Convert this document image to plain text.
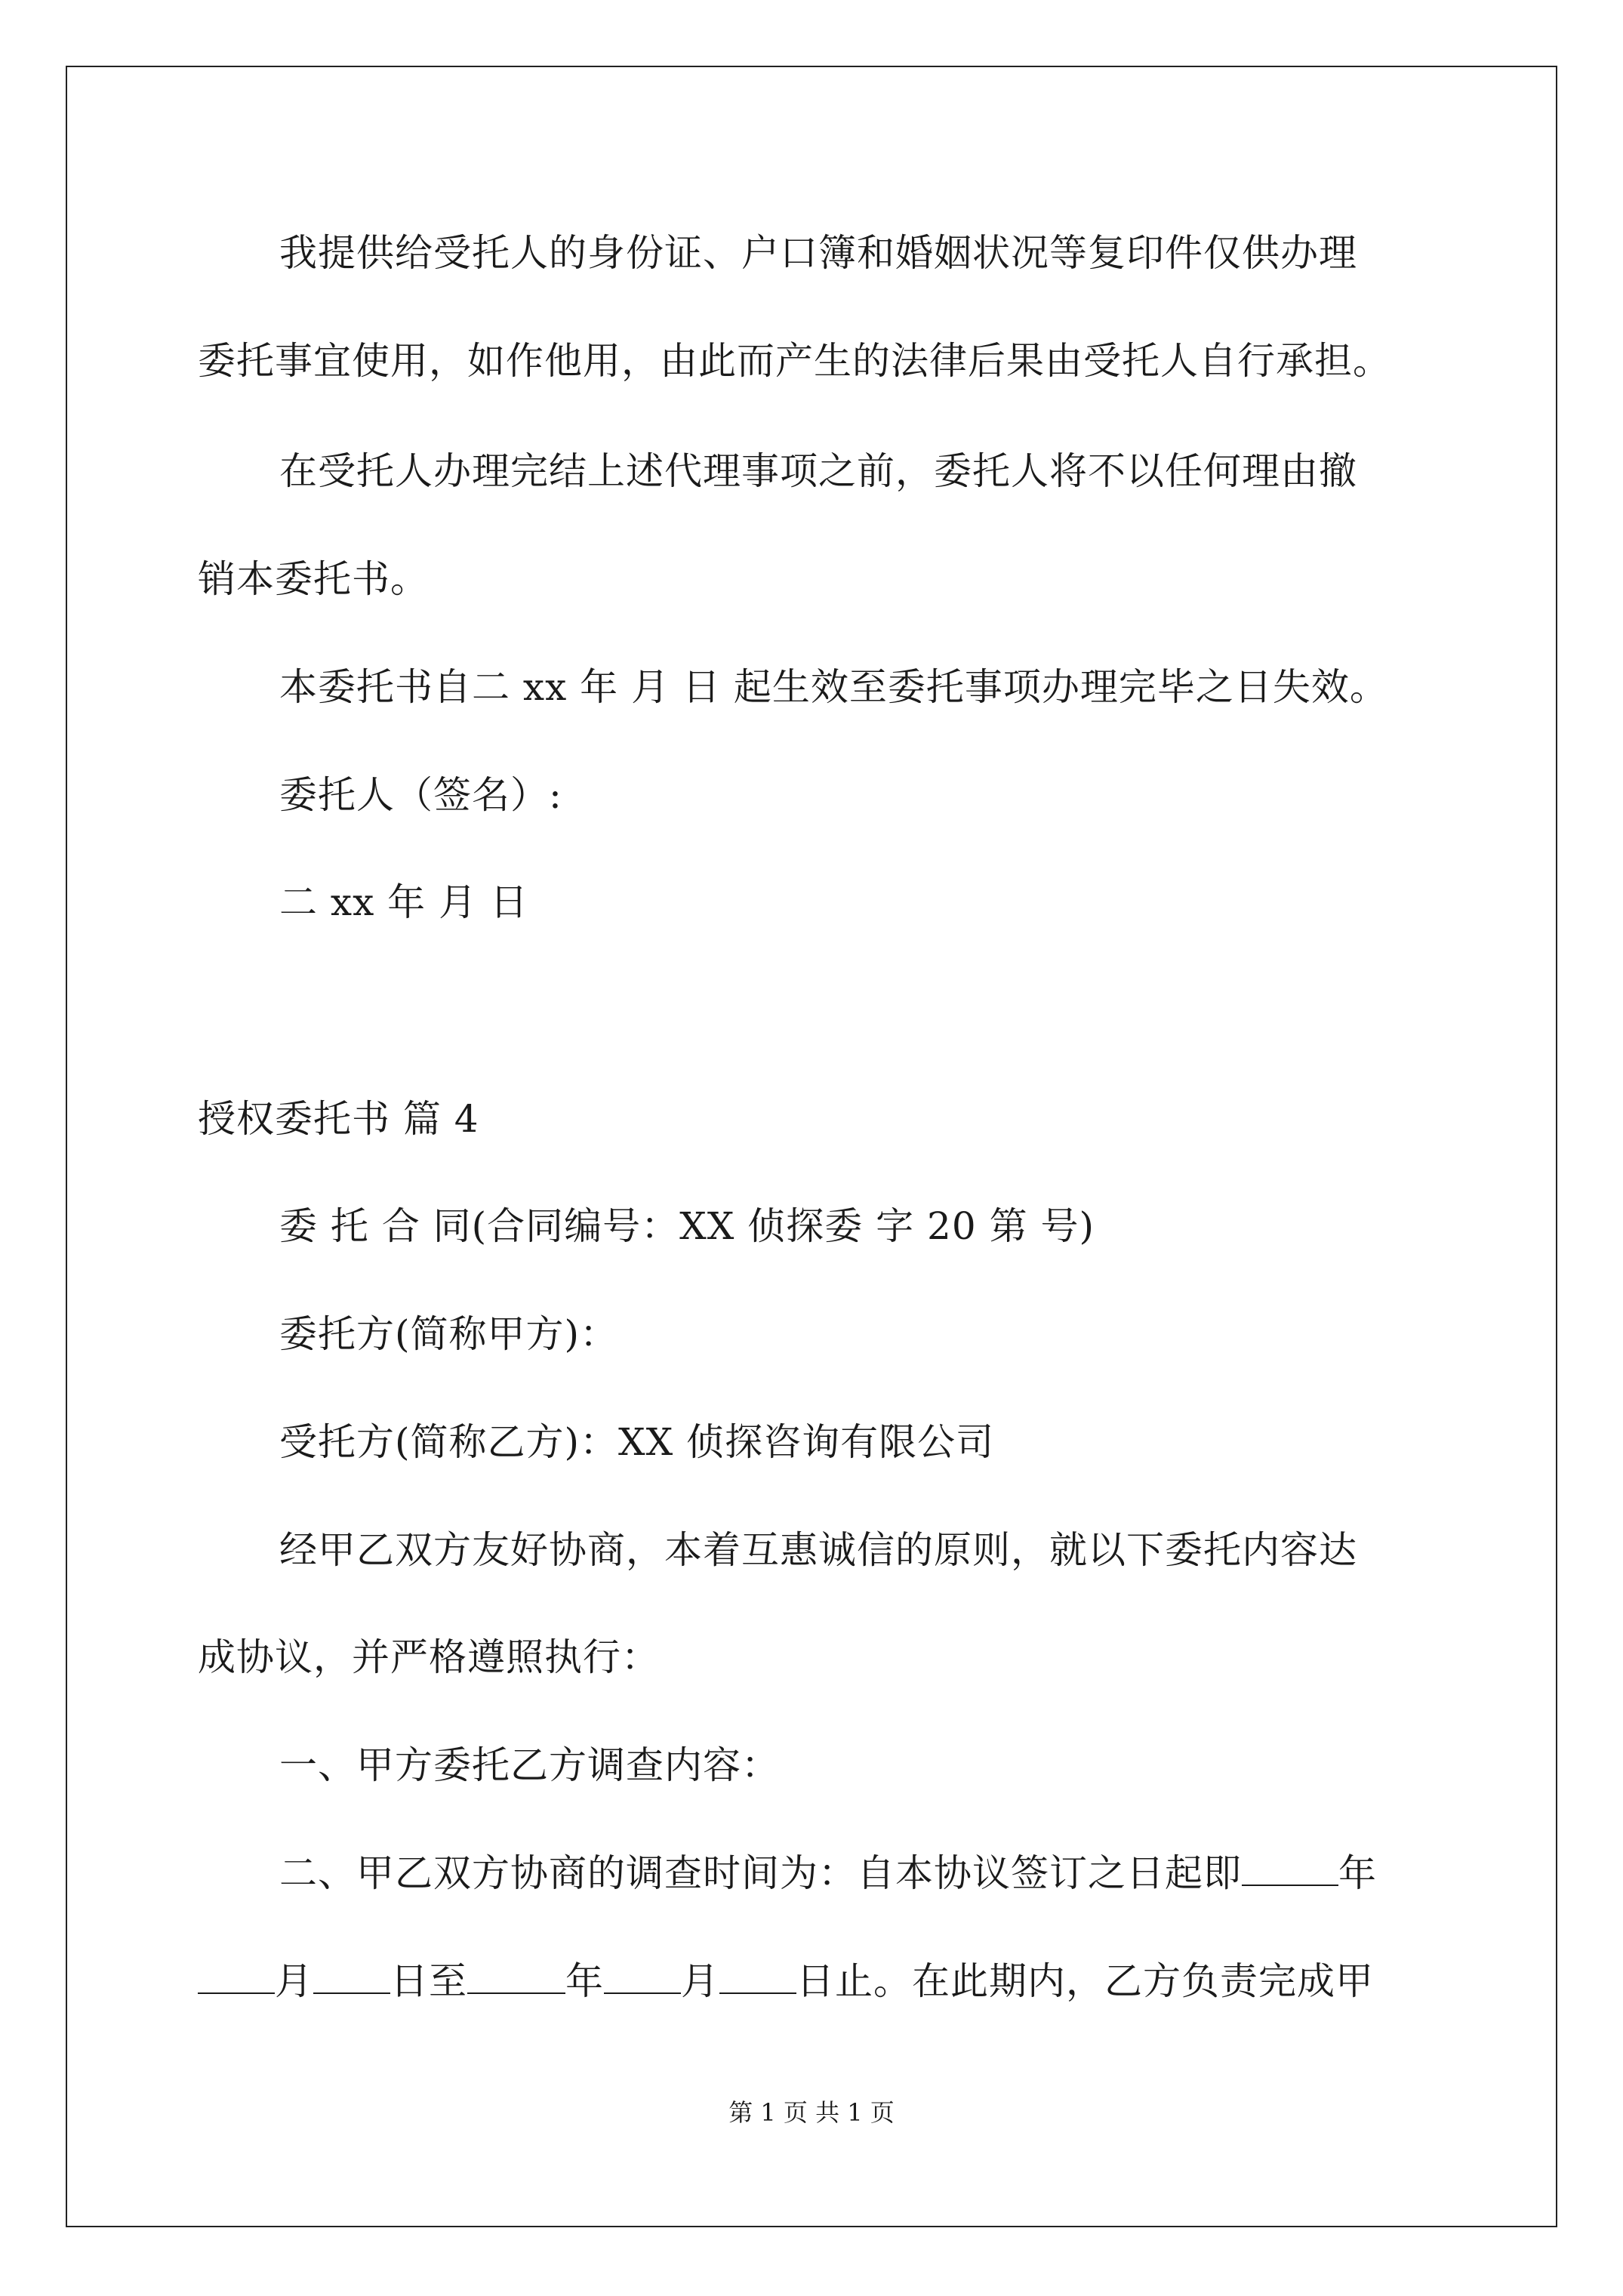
我提供给受托人的身份证、户口簿和婚姻状况等复印件仅供办理
委托事宜使用，如作他用，由此而产生的法律后果由受托人自行承担。
在受托人办理完结上述代理事项之前，委托人将不以任何理由撤
销本委托书。
本委托书自二 xx 年 月 日 起生效至委托事项办理完毕之日失效。
委托人（签名）:
二 xx 年 月 日
授权委托书 篇 4
委 托 合 同(合同编号：XX 侦探委 字 20 第 号)
委托方(简称甲方)：
受托方(简称乙方)：XX 侦探咨询有限公司
经甲乙双方友好协商，本着互惠诚信的原则，就以下委托内容达
成协议，并严格遵照执行：
一、甲方委托乙方调查内容：
二、甲乙双方协商的调查时间为：自本协议签订之日起即	年
月 日至	年 月 日止。在此期内，乙方负责完成甲
第 1 页 共 1 页
